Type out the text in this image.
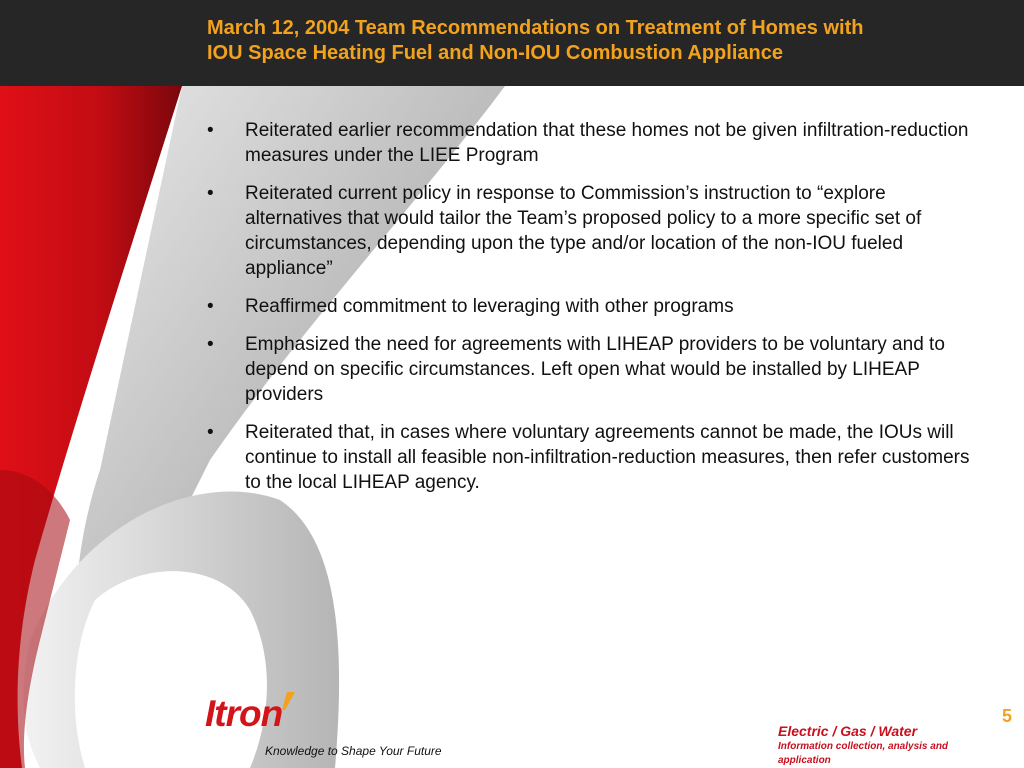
March 12, 2004 Team Recommendations on Treatment of Homes with
IOU Space Heating Fuel and Non-IOU Combustion Appliance
• Reiterated earlier recommendation that these homes not be given infiltration-reduction measures under the LIEE Program
• Reiterated current policy in response to Commission’s instruction to “explore alternatives that would tailor the Team’s proposed policy to a more specific set of circumstances, depending upon the type and/or location of the non-IOU fueled appliance”
• Reaffirmed commitment to leveraging with other programs
• Emphasized the need for agreements with LIHEAP providers to be voluntary and to depend on specific circumstances. Left open what would be installed by LIHEAP providers
• Reiterated that, in cases where voluntary agreements cannot be made, the IOUs will continue to install all feasible non-infiltration-reduction measures, then refer customers to the local LIHEAP agency.
Itron
Knowledge to Shape Your Future
Electric / Gas / Water
Information collection, analysis and application
5
